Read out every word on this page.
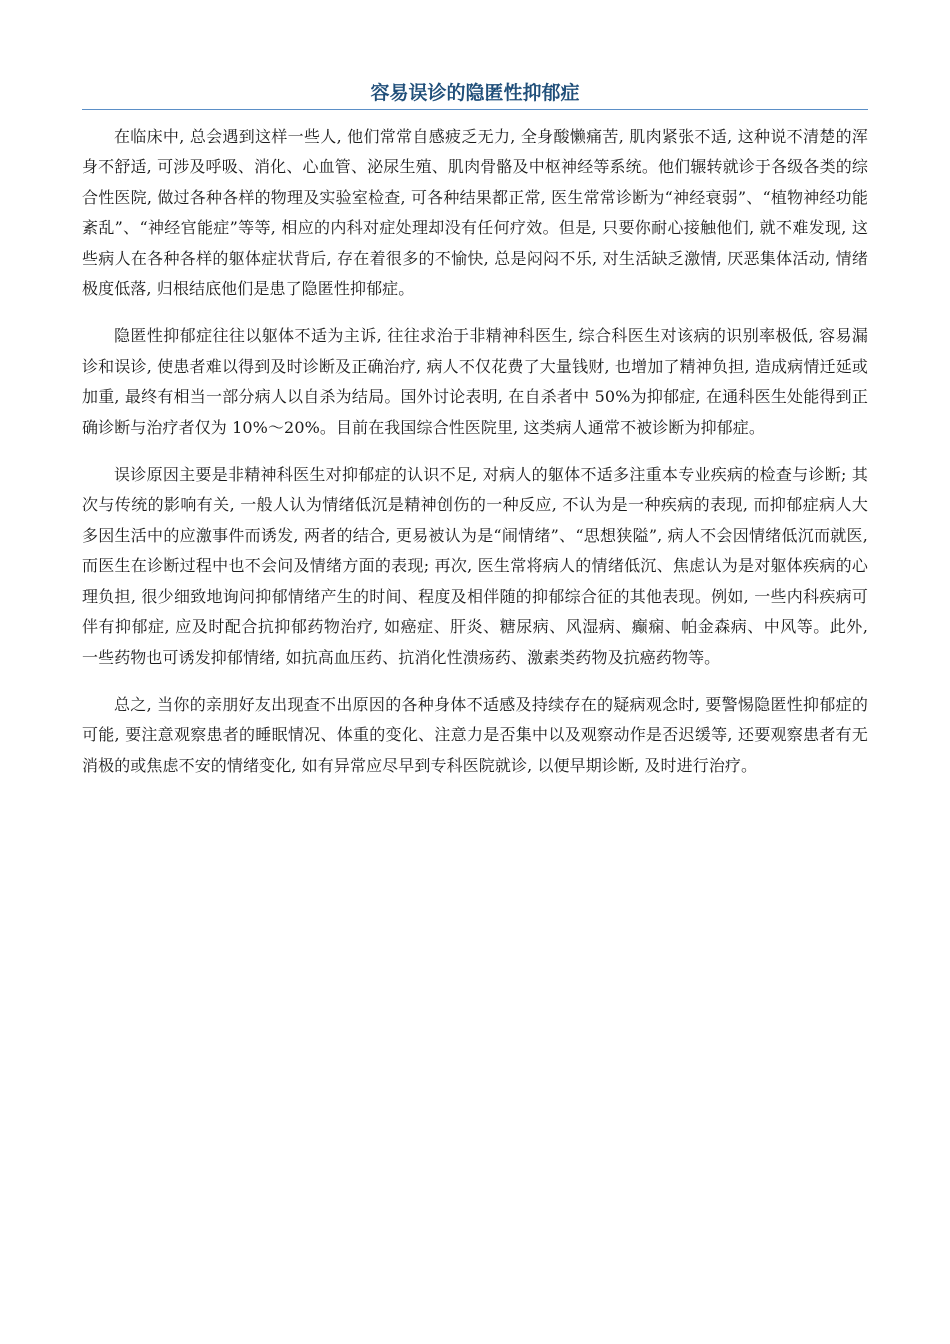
容易误诊的隐匿性抑郁症

在临床中, 总会遇到这样一些人, 他们常常自感疲乏无力, 全身酸懒痛苦, 肌肉紧张不适, 这种说不清楚的浑身不舒适, 可涉及呼吸、消化、心血管、泌尿生殖、肌肉骨骼及中枢神经等系统。他们辗转就诊于各级各类的综合性医院, 做过各种各样的物理及实验室检查, 可各种结果都正常, 医生常常诊断为“神经衰弱”、“植物神经功能紊乱”、“神经官能症”等等, 相应的内科对症处理却没有任何疗效。但是, 只要你耐心接触他们, 就不难发现, 这些病人在各种各样的躯体症状背后, 存在着很多的不愉快, 总是闷闷不乐, 对生活缺乏激情, 厌恶集体活动, 情绪极度低落, 归根结底他们是患了隐匿性抑郁症。

隐匿性抑郁症往往以躯体不适为主诉, 往往求治于非精神科医生, 综合科医生对该病的识别率极低, 容易漏诊和误诊, 使患者难以得到及时诊断及正确治疗, 病人不仅花费了大量钱财, 也增加了精神负担, 造成病情迁延或加重, 最终有相当一部分病人以自杀为结局。国外讨论表明, 在自杀者中 50%为抑郁症, 在通科医生处能得到正确诊断与治疗者仅为 10%～20%。目前在我国综合性医院里, 这类病人通常不被诊断为抑郁症。

误诊原因主要是非精神科医生对抑郁症的认识不足, 对病人的躯体不适多注重本专业疾病的检查与诊断; 其次与传统的影响有关, 一般人认为情绪低沉是精神创伤的一种反应, 不认为是一种疾病的表现, 而抑郁症病人大多因生活中的应激事件而诱发, 两者的结合, 更易被认为是“闹情绪”、“思想狭隘”, 病人不会因情绪低沉而就医, 而医生在诊断过程中也不会问及情绪方面的表现; 再次, 医生常将病人的情绪低沉、焦虑认为是对躯体疾病的心理负担, 很少细致地询问抑郁情绪产生的时间、程度及相伴随的抑郁综合征的其他表现。例如, 一些内科疾病可伴有抑郁症, 应及时配合抗抑郁药物治疗, 如癌症、肝炎、糖尿病、风湿病、癫痫、帕金森病、中风等。此外, 一些药物也可诱发抑郁情绪, 如抗高血压药、抗消化性溃疡药、激素类药物及抗癌药物等。

总之, 当你的亲朋好友出现查不出原因的各种身体不适感及持续存在的疑病观念时, 要警惕隐匿性抑郁症的可能, 要注意观察患者的睡眠情况、体重的变化、注意力是否集中以及观察动作是否迟缓等, 还要观察患者有无消极的或焦虑不安的情绪变化, 如有异常应尽早到专科医院就诊, 以便早期诊断, 及时进行治疗。
